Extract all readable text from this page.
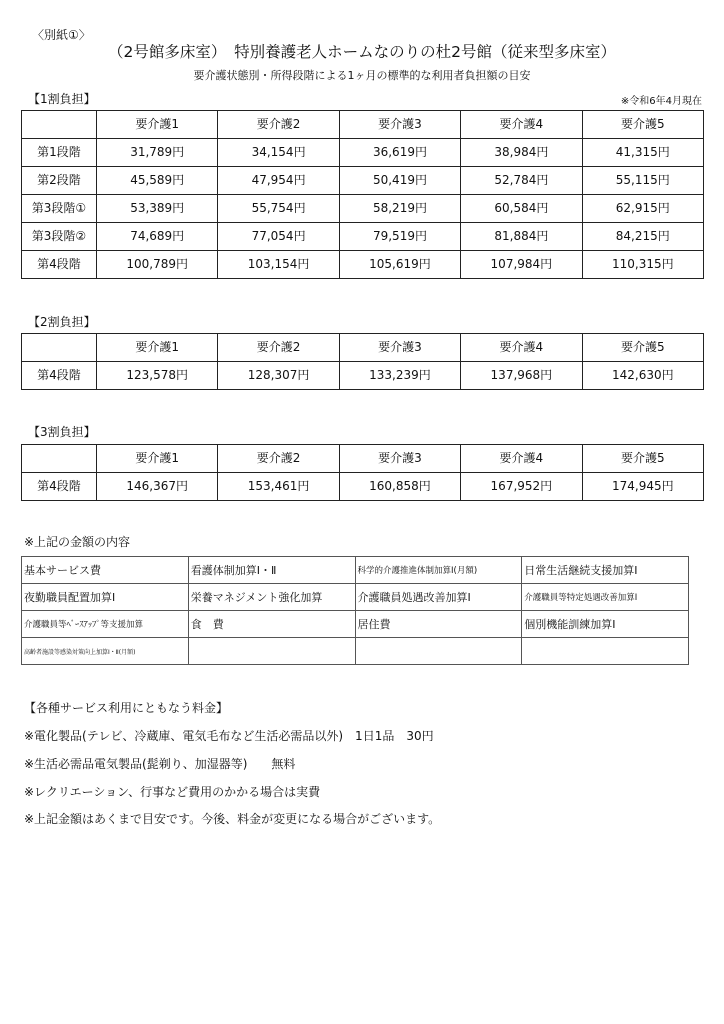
〈別紙①〉
（2号館多床室）　特別養護老人ホームなのりの杜2号館（従来型多床室）
要介護状態別・所得段階による1ヶ月の標準的な利用者負担額の目安
【1割負担】	※令和6年4月現在
	要介護1	要介護2	要介護3	要介護4	要介護5
第1段階	31,789円	34,154円	36,619円	38,984円	41,315円
第2段階	45,589円	47,954円	50,419円	52,784円	55,115円
第3段階①	53,389円	55,754円	58,219円	60,584円	62,915円
第3段階②	74,689円	77,054円	79,519円	81,884円	84,215円
第4段階	100,789円	103,154円	105,619円	107,984円	110,315円
【2割負担】
	要介護1	要介護2	要介護3	要介護4	要介護5
第4段階	123,578円	128,307円	133,239円	137,968円	142,630円
【3割負担】
	要介護1	要介護2	要介護3	要介護4	要介護5
第4段階	146,367円	153,461円	160,858円	167,952円	174,945円
※上記の金額の内容
基本サービス費	看護体制加算Ⅰ・Ⅱ	科学的介護推進体制加算Ⅰ(月額)	日常生活継続支援加算Ⅰ
夜勤職員配置加算Ⅰ	栄養マネジメント強化加算	介護職員処遇改善加算Ⅰ	介護職員等特定処遇改善加算Ⅰ
介護職員等ﾍﾞｰｽｱｯﾌﾟ等支援加算	食　費	居住費	個別機能訓練加算Ⅰ
高齢者施設等感染対策向上加算Ⅰ・Ⅱ(月額)			
【各種サービス利用にともなう料金】
※電化製品(テレビ、冷蔵庫、電気毛布など生活必需品以外)　1日1品　30円
※生活必需品電気製品(髭剃り、加湿器等)　　無料
※レクリエーション、行事など費用のかかる場合は実費
※上記金額はあくまで目安です。今後、料金が変更になる場合がございます。
